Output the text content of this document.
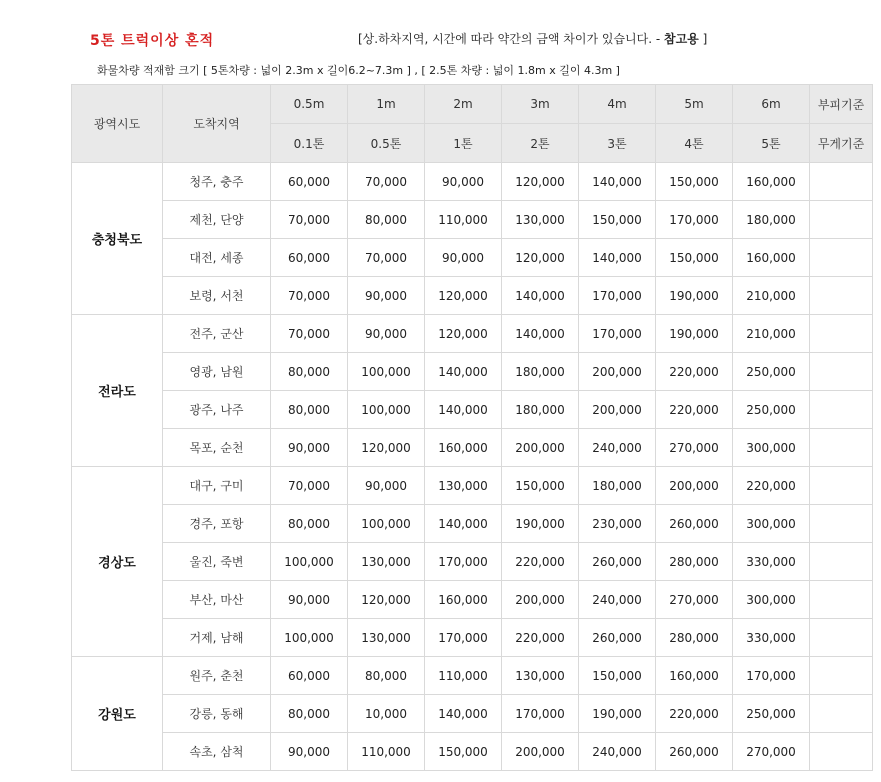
5톤 트럭이상 혼적	[상.하차지역, 시간에 따라 약간의 금액 차이가 있습니다. - 참고용 ]
화물차량 적재함 크기 [ 5톤차량 : 넓이 2.3m x 길이6.2~7.3m ] , [ 2.5톤 차량 : 넓이 1.8m x 길이 4.3m ]
광역시도	도착지역	0.5m	1m	2m	3m	4m	5m	6m	부피기준
		0.1톤	0.5톤	1톤	2톤	3톤	4톤	5톤	무게기준
충청북도	청주, 충주	60,000	70,000	90,000	120,000	140,000	150,000	160,000	
	제천, 단양	70,000	80,000	110,000	130,000	150,000	170,000	180,000	
	대전, 세종	60,000	70,000	90,000	120,000	140,000	150,000	160,000	
	보령, 서천	70,000	90,000	120,000	140,000	170,000	190,000	210,000	
전라도	전주, 군산	70,000	90,000	120,000	140,000	170,000	190,000	210,000	
	영광, 남원	80,000	100,000	140,000	180,000	200,000	220,000	250,000	
	광주, 나주	80,000	100,000	140,000	180,000	200,000	220,000	250,000	
	목포, 순천	90,000	120,000	160,000	200,000	240,000	270,000	300,000	
경상도	대구, 구미	70,000	90,000	130,000	150,000	180,000	200,000	220,000	
	경주, 포항	80,000	100,000	140,000	190,000	230,000	260,000	300,000	
	울진, 죽변	100,000	130,000	170,000	220,000	260,000	280,000	330,000	
	부산, 마산	90,000	120,000	160,000	200,000	240,000	270,000	300,000	
	거제, 남해	100,000	130,000	170,000	220,000	260,000	280,000	330,000	
강원도	원주, 춘천	60,000	80,000	110,000	130,000	150,000	160,000	170,000	
	강릉, 동해	80,000	10,000	140,000	170,000	190,000	220,000	250,000	
	속초, 삼척	90,000	110,000	150,000	200,000	240,000	260,000	270,000	
